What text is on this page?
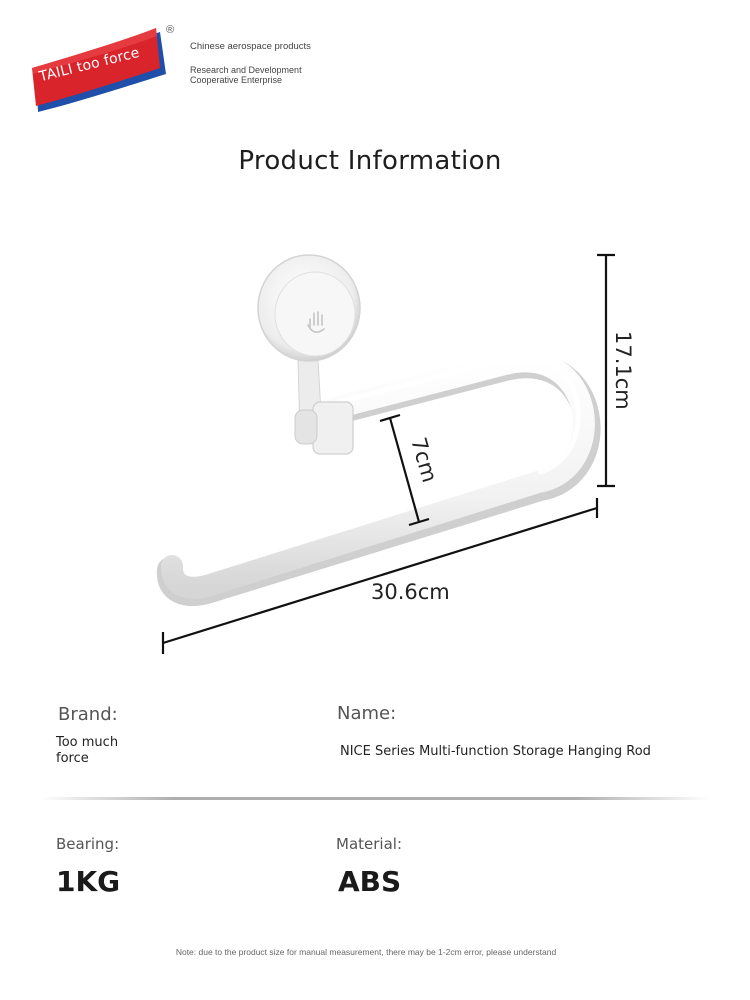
TAILI too force
®
Chinese aerospace products
Research and Development
Cooperative Enterprise
Product Information
17.1cm
7cm
30.6cm
Brand:
Too much
force
Name:
NICE Series Multi-function Storage Hanging Rod
Bearing:
1KG
Material:
ABS
Note: due to the product size for manual measurement, there may be 1-2cm error, please understand
